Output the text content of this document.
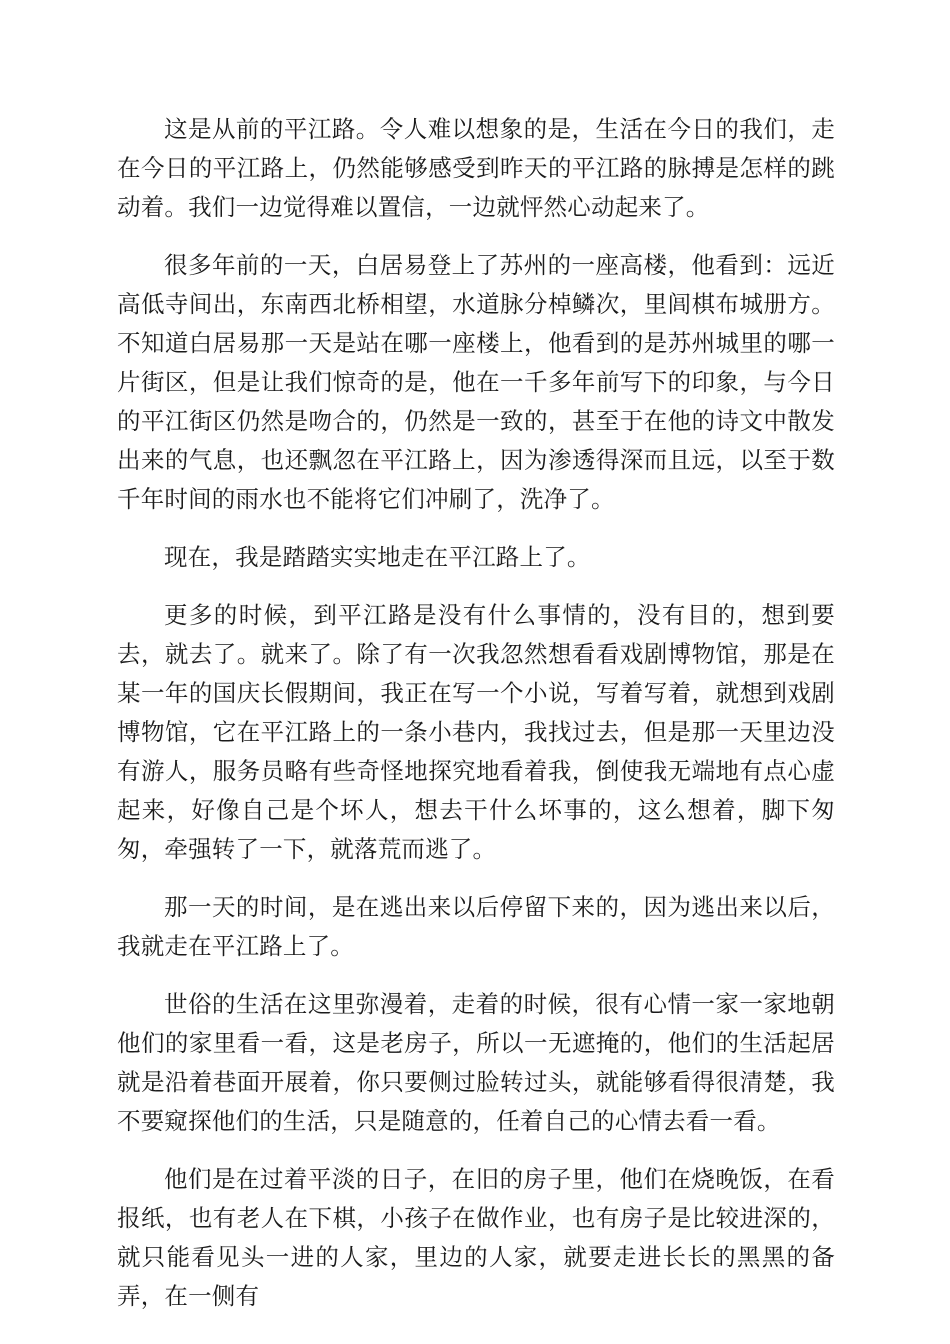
这是从前的平江路。令人难以想象的是，生活在今日的我们，走在今日的平江路上，仍然能够感受到昨天的平江路的脉搏是怎样的跳动着。我们一边觉得难以置信，一边就怦然心动起来了。

很多年前的一天，白居易登上了苏州的一座高楼，他看到：远近高低寺间出，东南西北桥相望，水道脉分棹鳞次，里闾棋布城册方。不知道白居易那一天是站在哪一座楼上，他看到的是苏州城里的哪一片街区，但是让我们惊奇的是，他在一千多年前写下的印象，与今日的平江街区仍然是吻合的，仍然是一致的，甚至于在他的诗文中散发出来的气息，也还飘忽在平江路上，因为渗透得深而且远，以至于数千年时间的雨水也不能将它们冲刷了，洗净了。

现在，我是踏踏实实地走在平江路上了。

更多的时候，到平江路是没有什么事情的，没有目的，想到要去，就去了。就来了。除了有一次我忽然想看看戏剧博物馆，那是在某一年的国庆长假期间，我正在写一个小说，写着写着，就想到戏剧博物馆，它在平江路上的一条小巷内，我找过去，但是那一天里边没有游人，服务员略有些奇怪地探究地看着我，倒使我无端地有点心虚起来，好像自己是个坏人，想去干什么坏事的，这么想着，脚下匆匆，牵强转了一下，就落荒而逃了。

那一天的时间，是在逃出来以后停留下来的，因为逃出来以后，我就走在平江路上了。

世俗的生活在这里弥漫着，走着的时候，很有心情一家一家地朝他们的家里看一看，这是老房子，所以一无遮掩的，他们的生活起居就是沿着巷面开展着，你只要侧过脸转过头，就能够看得很清楚，我不要窥探他们的生活，只是随意的，任着自己的心情去看一看。

他们是在过着平淡的日子，在旧的房子里，他们在烧晚饭，在看报纸，也有老人在下棋，小孩子在做作业，也有房子是比较进深的，就只能看见头一进的人家，里边的人家，就要走进长长的黑黑的备弄，在一侧有
